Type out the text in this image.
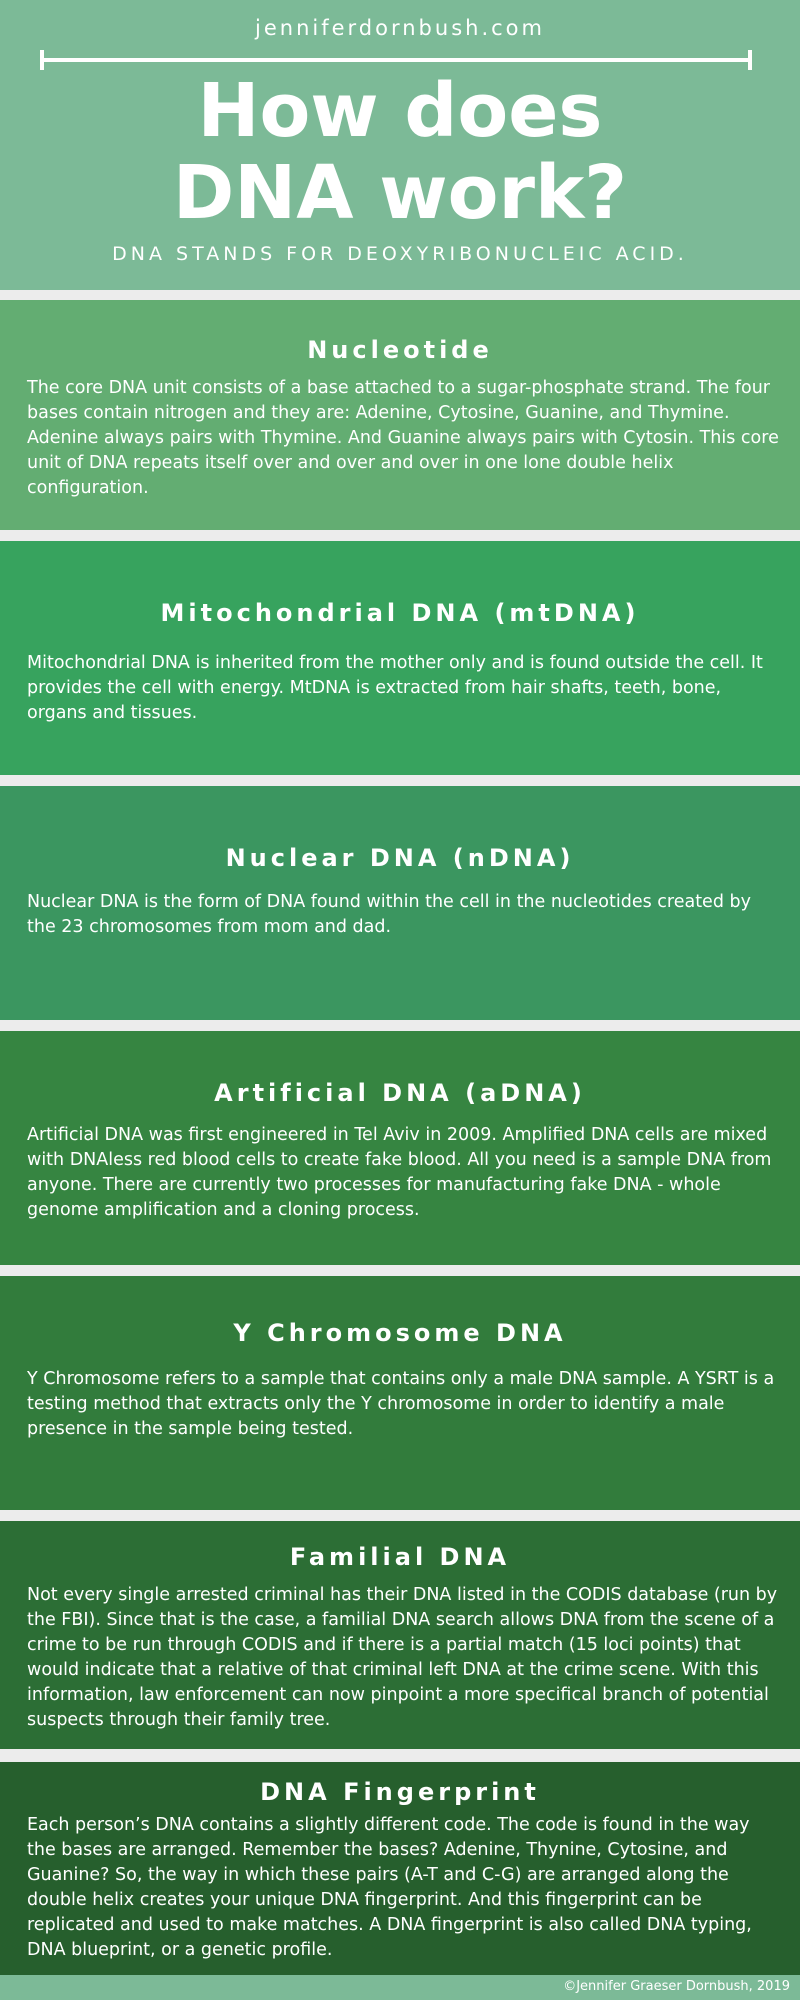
jenniferdornbush.com
How does
DNA work?
DNA STANDS FOR DEOXYRIBONUCLEIC ACID.
Nucleotide

The core DNA unit consists of a base attached to a sugar-phosphate strand. The four bases contain nitrogen and they are: Adenine, Cytosine, Guanine, and Thymine. Adenine always pairs with Thymine. And Guanine always pairs with Cytosin. This core unit of DNA repeats itself over and over and over in one lone double helix configuration.

Mitochondrial DNA (mtDNA)

Mitochondrial DNA is inherited from the mother only and is found outside the cell. It provides the cell with energy. MtDNA is extracted from hair shafts, teeth, bone, organs and tissues.

Nuclear DNA (nDNA)

Nuclear DNA is the form of DNA found within the cell in the nucleotides created by the 23 chromosomes from mom and dad.

Artificial DNA (aDNA)

Artificial DNA was first engineered in Tel Aviv in 2009. Amplified DNA cells are mixed with DNAless red blood cells to create fake blood. All you need is a sample DNA from anyone. There are currently two processes for manufacturing fake DNA - whole genome amplification and a cloning process.

Y Chromosome DNA

Y Chromosome refers to a sample that contains only a male DNA sample. A YSRT is a testing method that extracts only the Y chromosome in order to identify a male presence in the sample being tested.

Familial DNA

Not every single arrested criminal has their DNA listed in the CODIS database (run by the FBI). Since that is the case, a familial DNA search allows DNA from the scene of a crime to be run through CODIS and if there is a partial match (15 loci points) that would indicate that a relative of that criminal left DNA at the crime scene. With this information, law enforcement can now pinpoint a more specifical branch of potential suspects through their family tree.

DNA Fingerprint

Each person’s DNA contains a slightly different code. The code is found in the way the bases are arranged. Remember the bases? Adenine, Thynine, Cytosine, and Guanine? So, the way in which these pairs (A-T and C-G) are arranged along the double helix creates your unique DNA fingerprint. And this fingerprint can be replicated and used to make matches. A DNA fingerprint is also called DNA typing, DNA blueprint, or a genetic profile.

©Jennifer Graeser Dornbush, 2019
